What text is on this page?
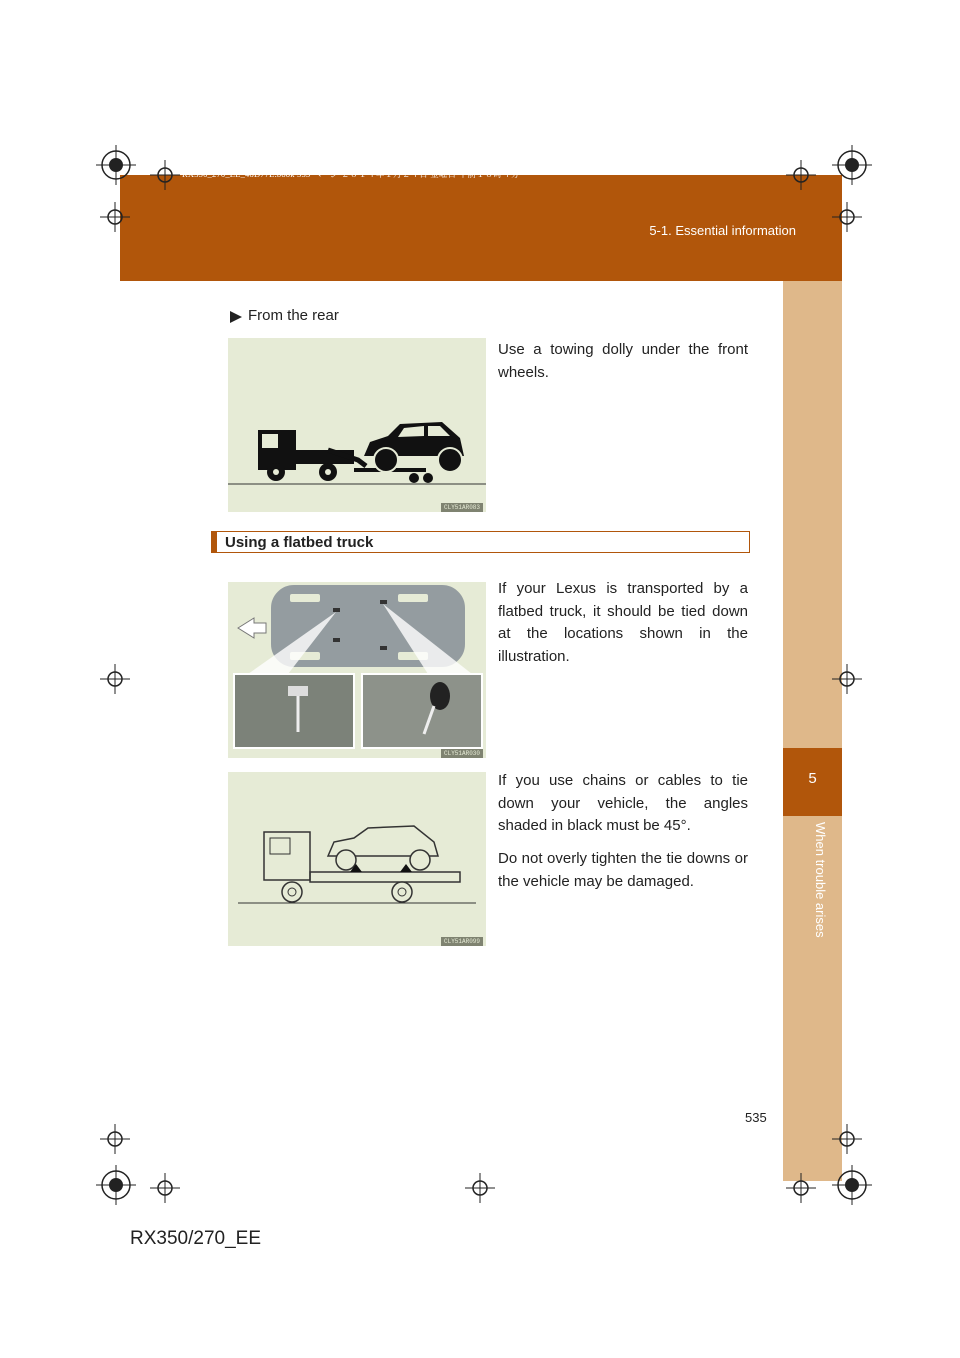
RX350_270_EE_48D77E.book 535 ページ ２０１４年１月２４日 金曜日 午前１０時４分
5-1. Essential information
5
When trouble arises
From the rear
CLY51AR083
Use a towing dolly under the front wheels.
Using a flatbed truck
CLY51AR030
If your Lexus is transported by a flatbed truck, it should be tied down at the locations shown in the illustration.
CLY51AR099
If you use chains or cables to tie down your vehicle, the angles shaded in black must be 45°.
Do not overly tighten the tie downs or the vehicle may be damaged.
535
RX350/270_EE
